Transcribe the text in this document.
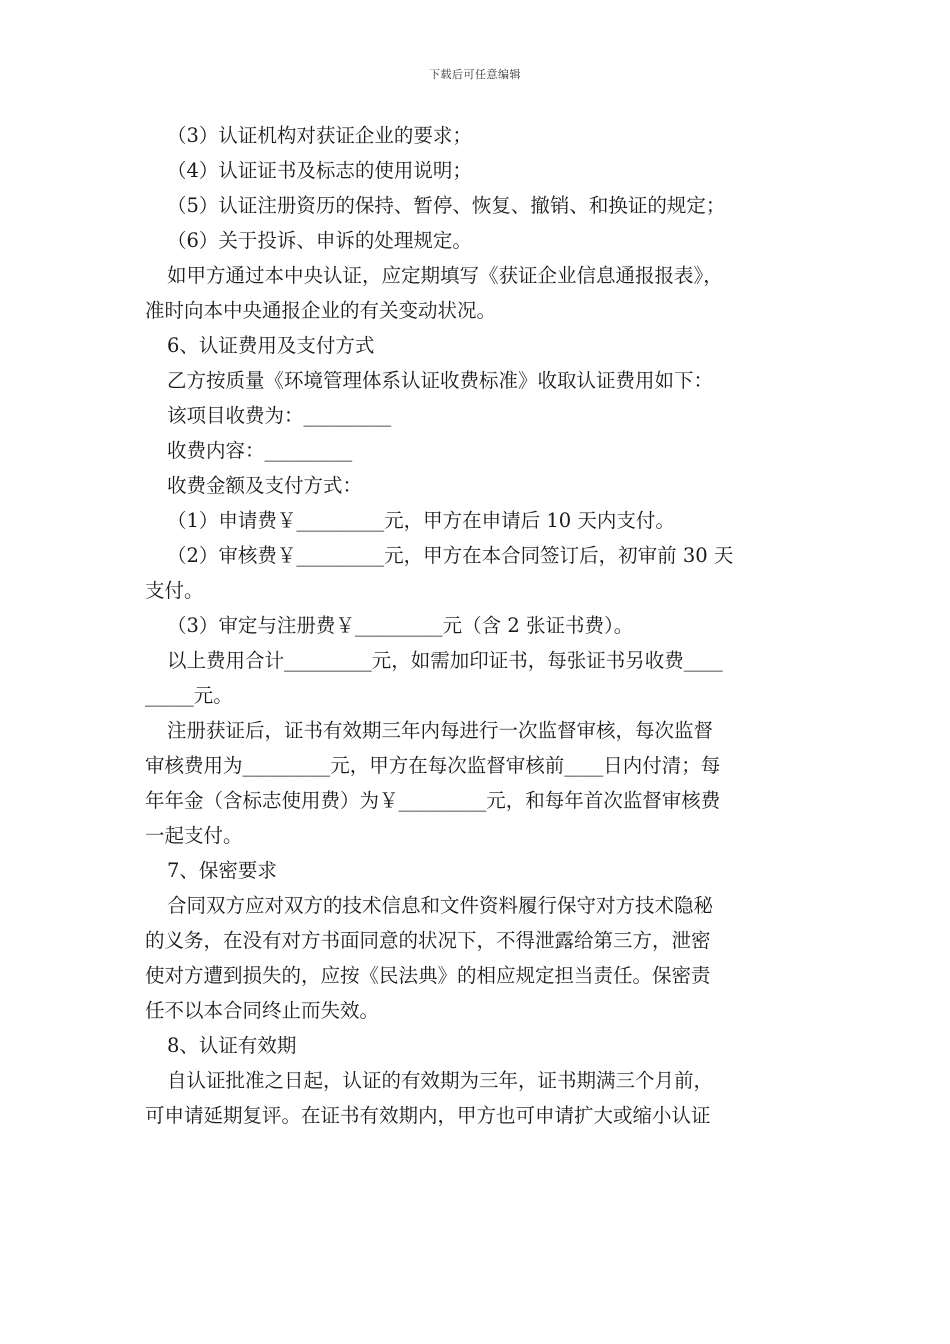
下载后可任意编辑
（3）认证机构对获证企业的要求；
（4）认证证书及标志的使用说明；
（5）认证注册资历的保持、暂停、恢复、撤销、和换证的规定；
（6）关于投诉、申诉的处理规定。
如甲方通过本中央认证，应定期填写《获证企业信息通报报表》，
准时向本中央通报企业的有关变动状况。
6、认证费用及支付方式
乙方按质量《环境管理体系认证收费标准》收取认证费用如下：
该项目收费为：_________
收费内容：_________
收费金额及支付方式：
（1）申请费￥_________元，甲方在申请后 10 天内支付。
（2）审核费￥_________元，甲方在本合同签订后，初审前 30 天
支付。
（3）审定与注册费￥_________元（含 2 张证书费）。
以上费用合计_________元，如需加印证书，每张证书另收费____
_____元。
注册获证后，证书有效期三年内每进行一次监督审核，每次监督
审核费用为_________元，甲方在每次监督审核前____日内付清；每
年年金（含标志使用费）为￥_________元，和每年首次监督审核费
一起支付。
7、保密要求
合同双方应对双方的技术信息和文件资料履行保守对方技术隐秘
的义务，在没有对方书面同意的状况下，不得泄露给第三方，泄密
使对方遭到损失的，应按《民法典》的相应规定担当责任。保密责
任不以本合同终止而失效。
8、认证有效期
自认证批准之日起，认证的有效期为三年，证书期满三个月前，
可申请延期复评。在证书有效期内，甲方也可申请扩大或缩小认证
